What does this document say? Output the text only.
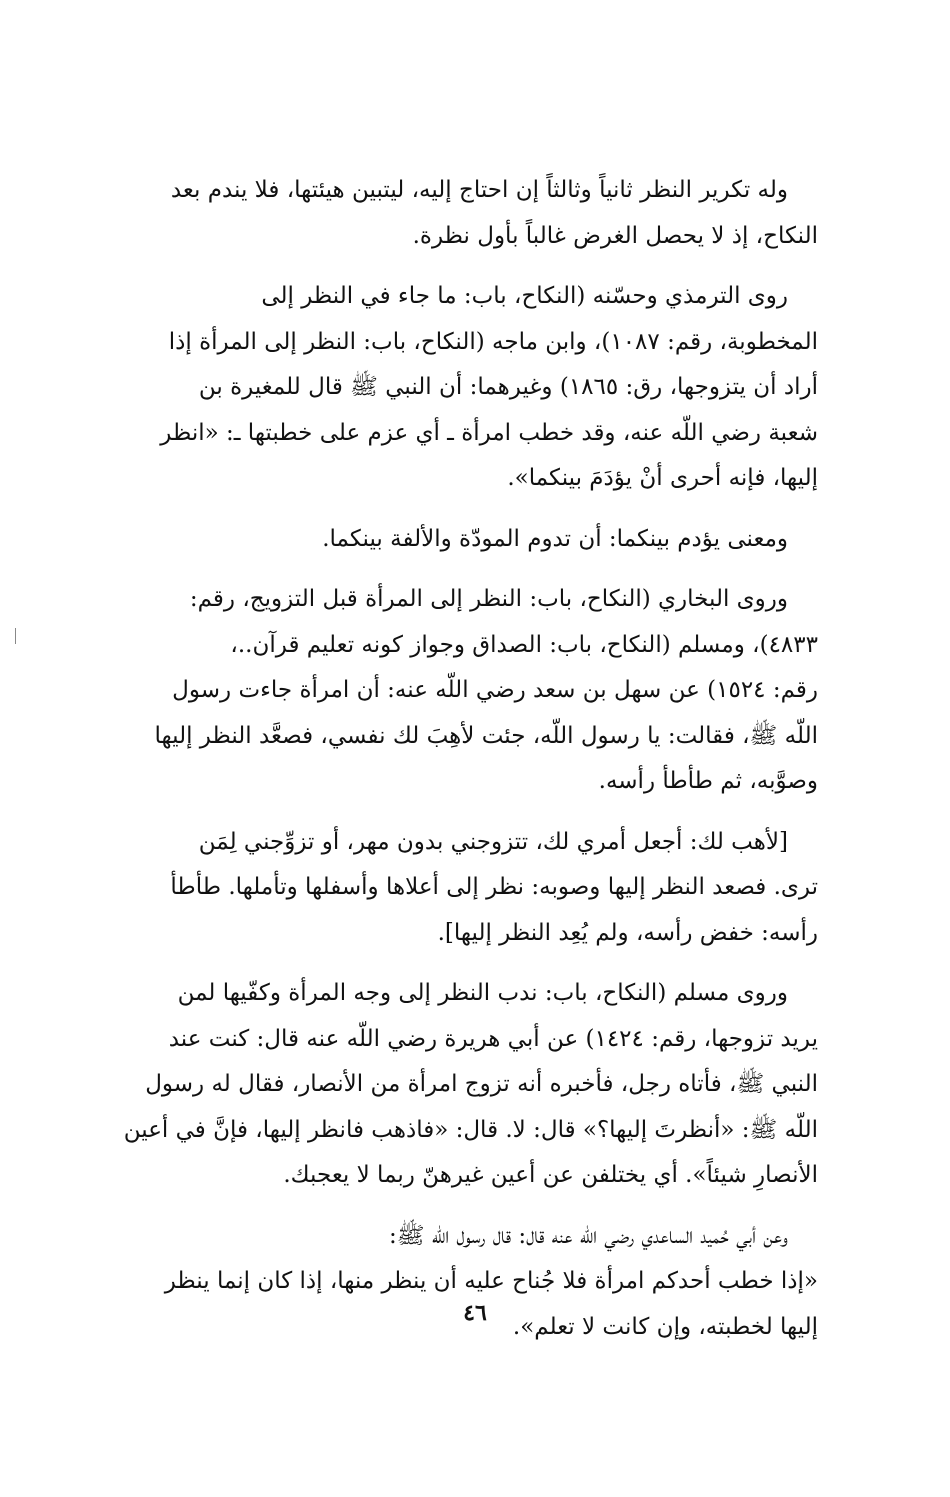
وله تكرير النظر ثانياً وثالثاً إن احتاج إليه، ليتبين هيئتها، فلا يندم بعد
النكاح، إذ لا يحصل الغرض غالباً بأول نظرة.

روى الترمذي وحسّنه (النكاح، باب: ما جاء في النظر إلى
المخطوبة، رقم: ١٠٨٧)، وابن ماجه (النكاح، باب: النظر إلى المرأة إذا
أراد أن يتزوجها، رق: ١٨٦٥) وغيرهما: أن النبي ﷺ قال للمغيرة بن
شعبة رضي اللّه عنه، وقد خطب امرأة ـ أي عزم على خطبتها ـ: «انظر
إليها، فإنه أحرى أنْ يؤدَمَ بينكما».

ومعنى يؤدم بينكما: أن تدوم المودّة والألفة بينكما.

وروى البخاري (النكاح، باب: النظر إلى المرأة قبل التزويج، رقم:
٤٨٣٣)، ومسلم (النكاح، باب: الصداق وجواز كونه تعليم قرآن..،
رقم: ١٥٢٤) عن سهل بن سعد رضي اللّه عنه: أن امرأة جاءت رسول
اللّه ﷺ، فقالت: يا رسول اللّه، جئت لأهِبَ لك نفسي، فصعَّد النظر إليها
وصوَّبه، ثم طأطأ رأسه.

[لأهب لك: أجعل أمري لك، تتزوجني بدون مهر، أو تزوِّجني لِمَن
ترى. فصعد النظر إليها وصوبه: نظر إلى أعلاها وأسفلها وتأملها. طأطأ
رأسه: خفض رأسه، ولم يُعِد النظر إليها].

وروى مسلم (النكاح، باب: ندب النظر إلى وجه المرأة وكفّيها لمن
يريد تزوجها، رقم: ١٤٢٤) عن أبي هريرة رضي اللّه عنه قال: كنت عند
النبي ﷺ، فأتاه رجل، فأخبره أنه تزوج امرأة من الأنصار، فقال له رسول
اللّه ﷺ: «أنظرتَ إليها؟» قال: لا. قال: «فاذهب فانظر إليها، فإنَّ في أعين
الأنصارِ شيئاً». أي يختلفن عن أعين غيرهنّ ربما لا يعجبك.

وعن أبي حُميد الساعدي رضي اللّه عنه قال: قال رسول اللّه ﷺ:
«إذا خطب أحدكم امرأة فلا جُناح عليه أن ينظر منها، إذا كان إنما ينظر
إليها لخطبته، وإن كانت لا تعلم».

٤٦
